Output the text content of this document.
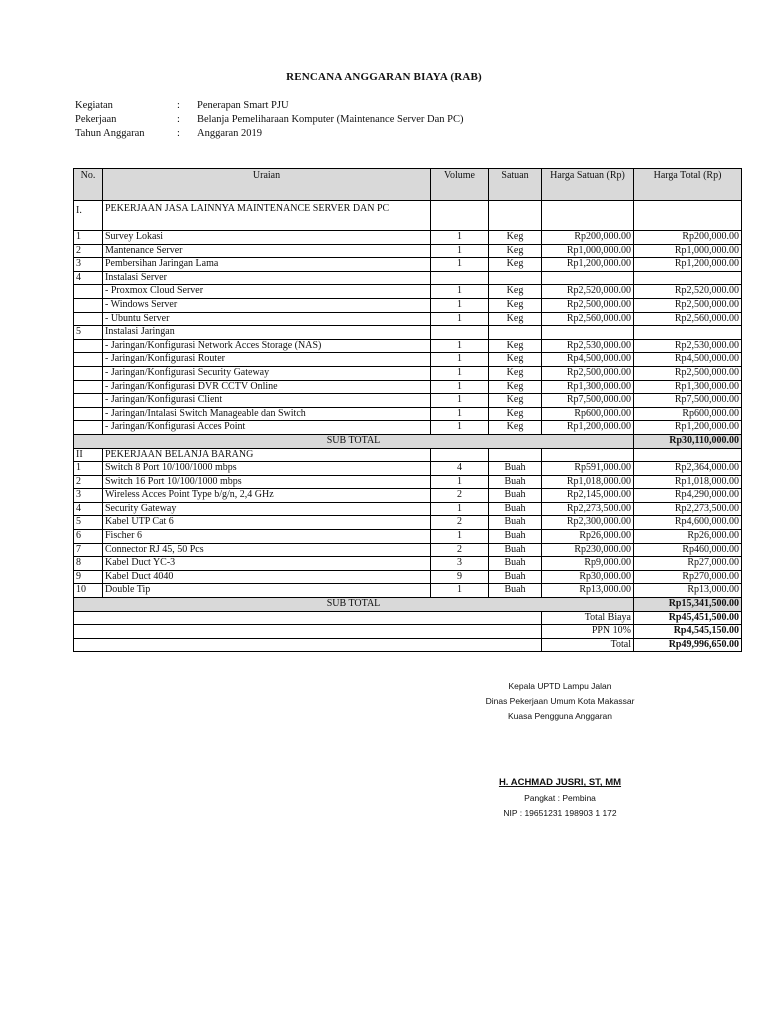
RENCANA ANGGARAN BIAYA (RAB)
Kegiatan	:	Penerapan Smart PJU
Pekerjaan	:	Belanja Pemeliharaan Komputer (Maintenance Server Dan PC)
Tahun Anggaran	:	Anggaran 2019
No.	Uraian	Volume	Satuan	Harga Satuan (Rp)	Harga Total (Rp)
I.	PEKERJAAN JASA LAINNYA MAINTENANCE SERVER DAN PC				
1	Survey Lokasi	1	Keg	Rp200,000.00	Rp200,000.00
2	Mantenance Server	1	Keg	Rp1,000,000.00	Rp1,000,000.00
3	Pembersihan Jaringan Lama	1	Keg	Rp1,200,000.00	Rp1,200,000.00
4	Instalasi Server				
	- Proxmox Cloud Server	1	Keg	Rp2,520,000.00	Rp2,520,000.00
	- Windows Server	1	Keg	Rp2,500,000.00	Rp2,500,000.00
	- Ubuntu Server	1	Keg	Rp2,560,000.00	Rp2,560,000.00
5	Instalasi Jaringan				
	- Jaringan/Konfigurasi Network Acces Storage (NAS)	1	Keg	Rp2,530,000.00	Rp2,530,000.00
	- Jaringan/Konfigurasi Router	1	Keg	Rp4,500,000.00	Rp4,500,000.00
	- Jaringan/Konfigurasi Security Gateway	1	Keg	Rp2,500,000.00	Rp2,500,000.00
	- Jaringan/Konfigurasi DVR CCTV Online	1	Keg	Rp1,300,000.00	Rp1,300,000.00
	- Jaringan/Konfigurasi Client	1	Keg	Rp7,500,000.00	Rp7,500,000.00
	- Jaringan/Intalasi Switch Manageable dan Switch	1	Keg	Rp600,000.00	Rp600,000.00
	- Jaringan/Konfigurasi Acces Point	1	Keg	Rp1,200,000.00	Rp1,200,000.00
SUB TOTAL					Rp30,110,000.00
II	PEKERJAAN BELANJA BARANG				
1	Switch 8 Port 10/100/1000 mbps	4	Buah	Rp591,000.00	Rp2,364,000.00
2	Switch 16 Port 10/100/1000 mbps	1	Buah	Rp1,018,000.00	Rp1,018,000.00
3	Wireless Acces Point Type b/g/n, 2,4 GHz	2	Buah	Rp2,145,000.00	Rp4,290,000.00
4	Security Gateway	1	Buah	Rp2,273,500.00	Rp2,273,500.00
5	Kabel UTP Cat 6	2	Buah	Rp2,300,000.00	Rp4,600,000.00
6	Fischer 6	1	Buah	Rp26,000.00	Rp26,000.00
7	Connector RJ 45, 50 Pcs	2	Buah	Rp230,000.00	Rp460,000.00
8	Kabel Duct YC-3	3	Buah	Rp9,000.00	Rp27,000.00
9	Kabel Duct 4040	9	Buah	Rp30,000.00	Rp270,000.00
10	Double Tip	1	Buah	Rp13,000.00	Rp13,000.00
SUB TOTAL					Rp15,341,500.00
				Total Biaya	Rp45,451,500.00
				PPN 10%	Rp4,545,150.00
				Total	Rp49,996,650.00
Kepala UPTD Lampu Jalan
Dinas Pekerjaan Umum Kota Makassar
Kuasa Pengguna Anggaran
H. ACHMAD JUSRI, ST, MM
Pangkat : Pembina
NIP : 19651231 198903 1 172
